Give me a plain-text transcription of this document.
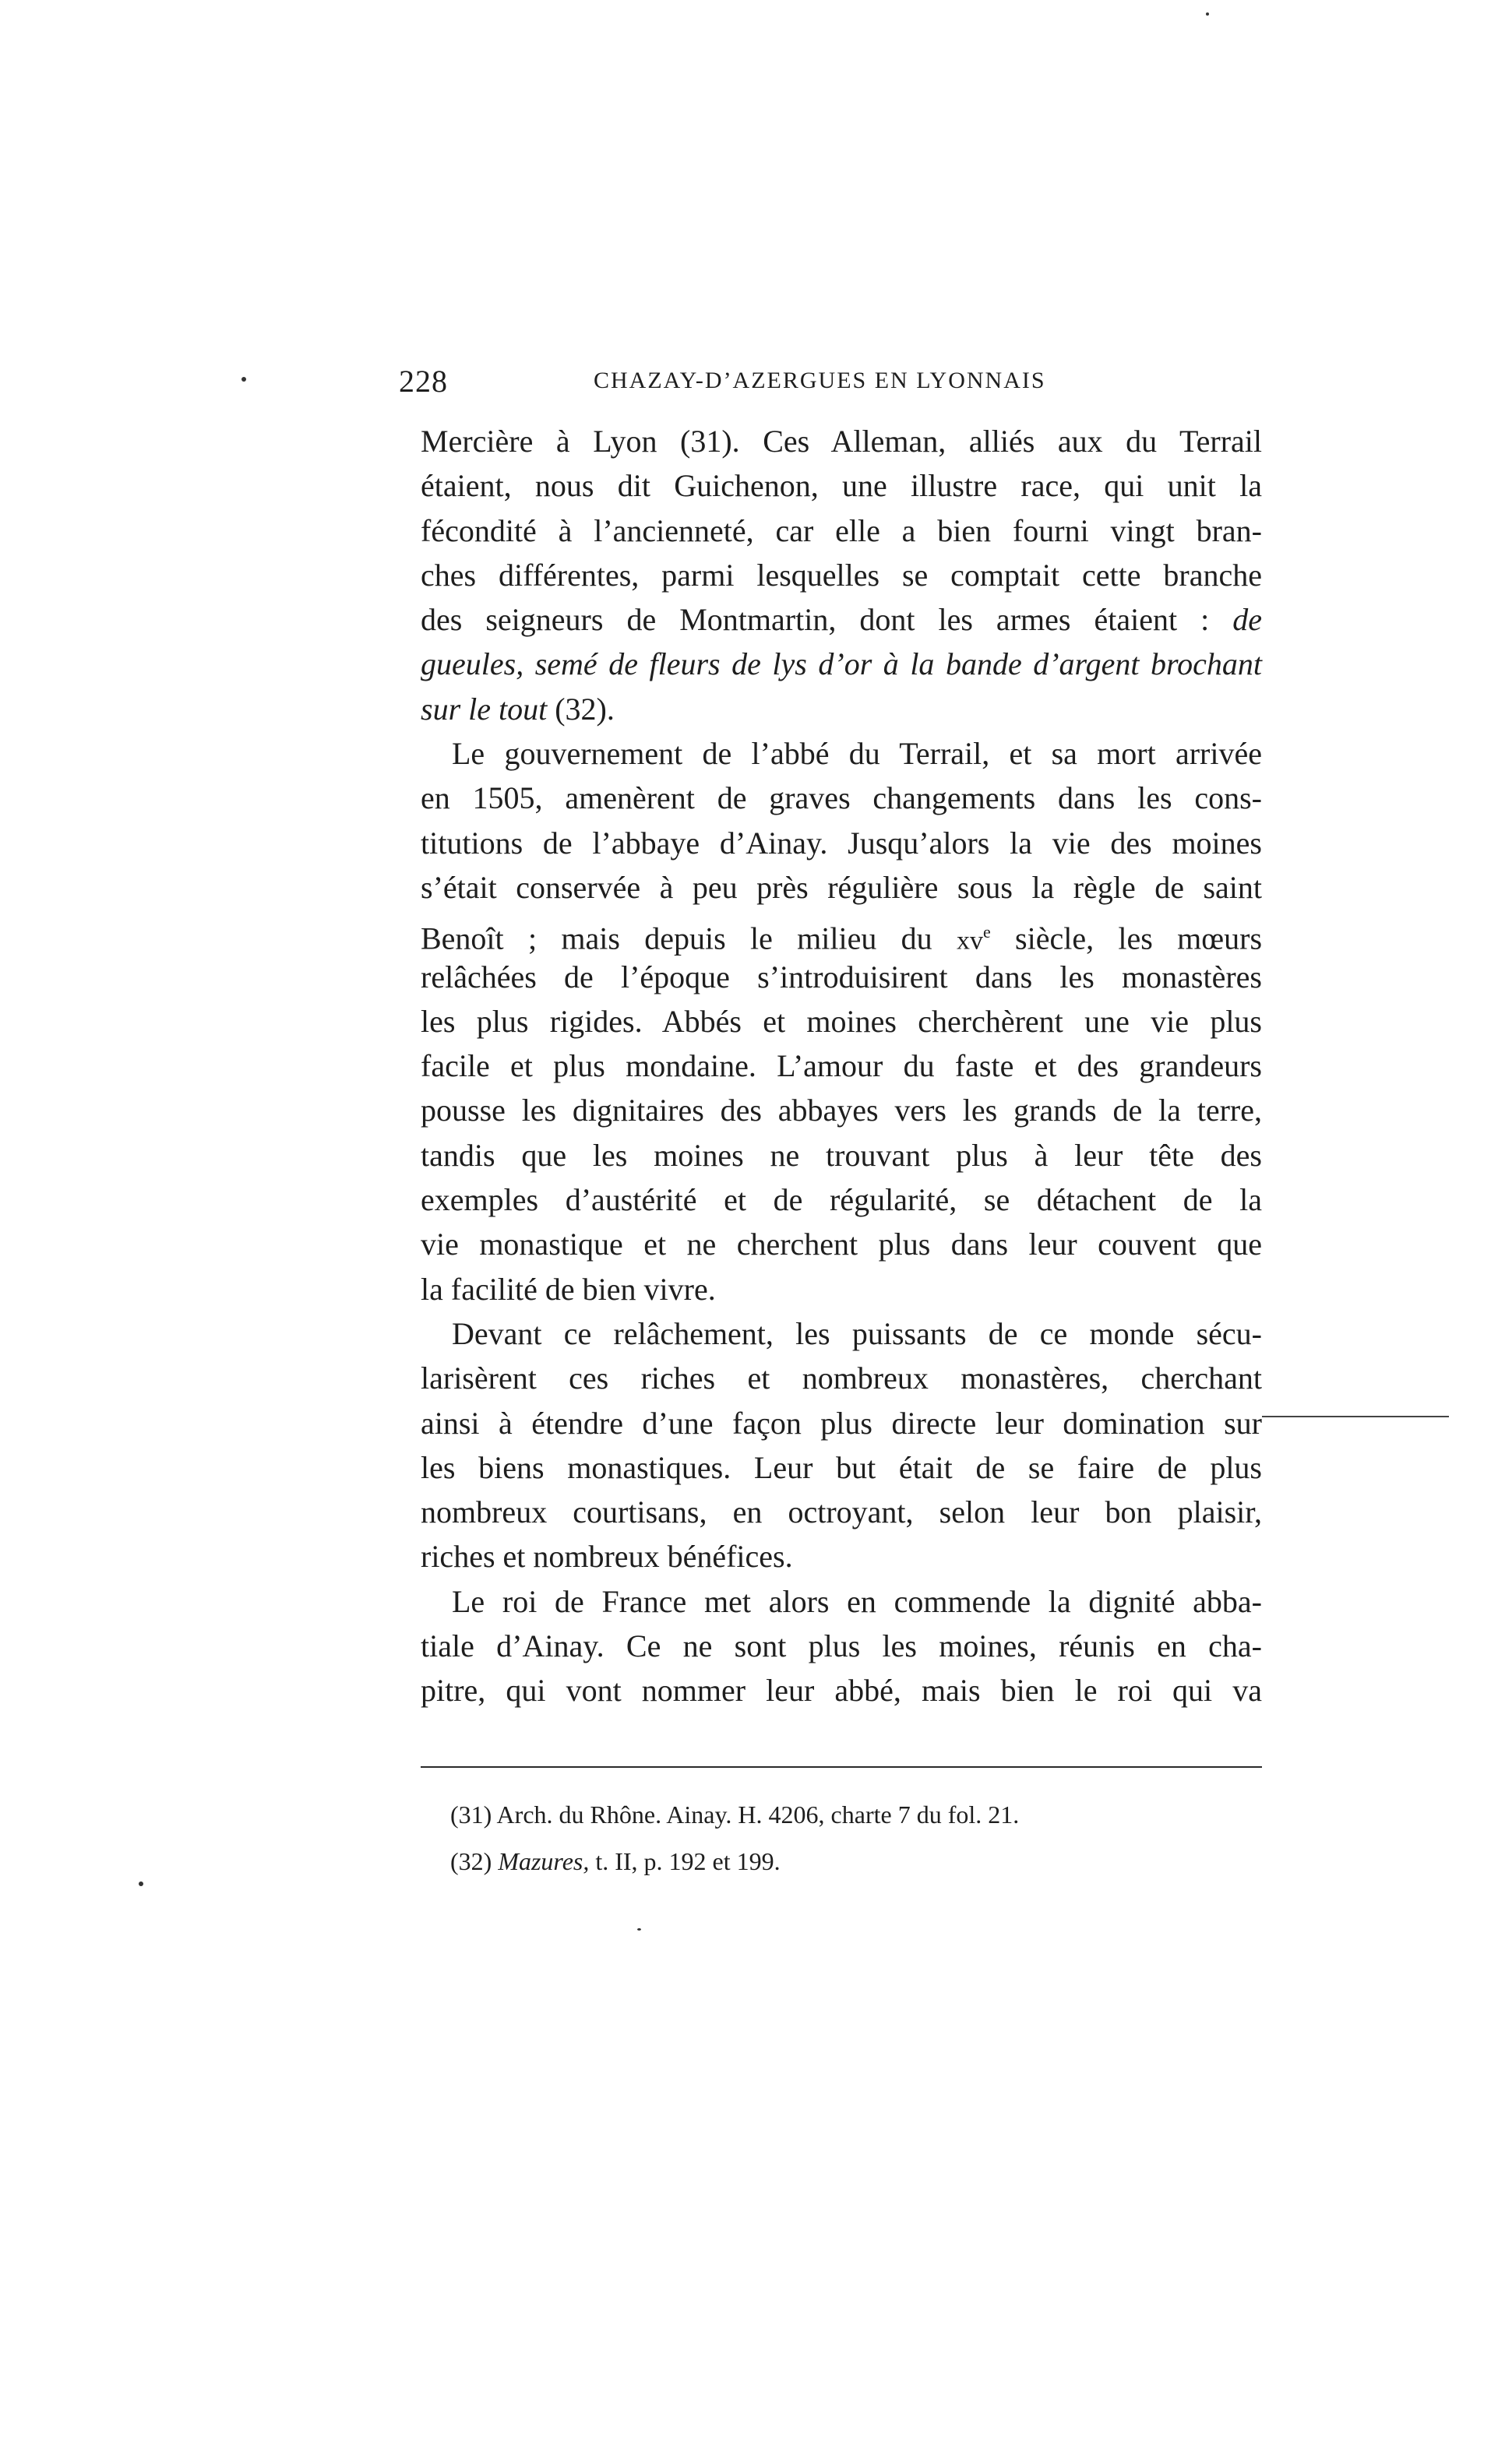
228	CHAZAY-D’AZERGUES EN LYONNAIS
Mercière à Lyon (31). Ces Alleman, alliés aux du Terrail
étaient, nous dit Guichenon, une illustre race, qui unit la
fécondité à l’ancienneté, car elle a bien fourni vingt bran-
ches différentes, parmi lesquelles se comptait cette branche
des seigneurs de Montmartin, dont les armes étaient : de
gueules, semé de fleurs de lys d’or à la bande d’argent brochant
sur le tout (32).
Le gouvernement de l’abbé du Terrail, et sa mort arrivée
en 1505, amenèrent de graves changements dans les cons-
titutions de l’abbaye d’Ainay. Jusqu’alors la vie des moines
s’était conservée à peu près régulière sous la règle de saint
Benoît ; mais depuis le milieu du $xv^e$ siècle, les mœurs
relâchées de l’époque s’introduisirent dans les monastères
les plus rigides. Abbés et moines cherchèrent une vie plus
facile et plus mondaine. L’amour du faste et des grandeurs
pousse les dignitaires des abbayes vers les grands de la terre,
tandis que les moines ne trouvant plus à leur tête des
exemples d’austérité et de régularité, se détachent de la
vie monastique et ne cherchent plus dans leur couvent que
la facilité de bien vivre.
Devant ce relâchement, les puissants de ce monde sécu-
larisèrent ces riches et nombreux monastères, cherchant
ainsi à étendre d’une façon plus directe leur domination sur
les biens monastiques. Leur but était de se faire de plus
nombreux courtisans, en octroyant, selon leur bon plaisir,
riches et nombreux bénéfices.
Le roi de France met alors en commende la dignité abba-
tiale d’Ainay. Ce ne sont plus les moines, réunis en cha-
pitre, qui vont nommer leur abbé, mais bien le roi qui va
(31) Arch. du Rhône. Ainay. H. 4206, charte 7 du fol. 21.
(32) Mazures, t. II, p. 192 et 199.
